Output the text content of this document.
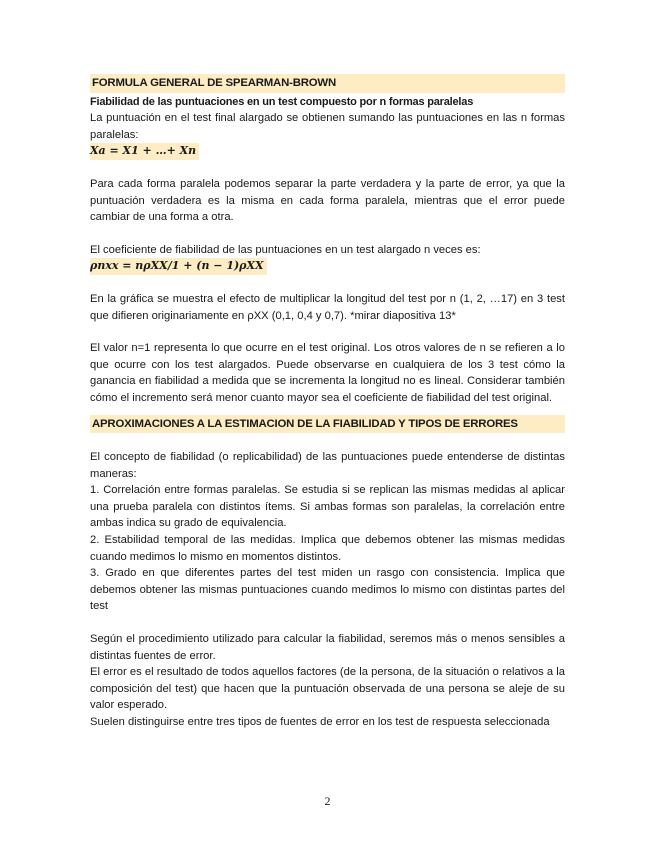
FORMULA GENERAL DE SPEARMAN-BROWN

Fiabilidad de las puntuaciones en un test compuesto por n formas paralelas

La puntuación en el test final alargado se obtienen sumando las puntuaciones en las n formas paralelas:

Xa = X1 + …+ Xn

Para cada forma paralela podemos separar la parte verdadera y la parte de error, ya que la puntuación verdadera es la misma en cada forma paralela, mientras que el error puede cambiar de una forma a otra.

El coeficiente de fiabilidad de las puntuaciones en un test alargado n veces es:

ρnxx = nρXX/1 + (n − 1)ρXX

En la gráfica se muestra el efecto de multiplicar la longitud del test por n (1, 2, …17) en 3 test que difieren originariamente en ρXX (0,1, 0,4 y 0,7). *mirar diapositiva 13*

El valor n=1 representa lo que ocurre en el test original. Los otros valores de n se refieren a lo que ocurre con los test alargados. Puede observarse en cualquiera de los 3 test cómo la ganancia en fiabilidad a medida que se incrementa la longitud no es lineal. Considerar también cómo el incremento será menor cuanto mayor sea el coeficiente de fiabilidad del test original.

APROXIMACIONES A LA ESTIMACION DE LA FIABILIDAD Y TIPOS DE ERRORES

El concepto de fiabilidad (o replicabilidad) de las puntuaciones puede entenderse de distintas maneras:

1. Correlación entre formas paralelas. Se estudia si se replican las mismas medidas al aplicar una prueba paralela con distintos ítems. Si ambas formas son paralelas, la correlación entre ambas indica su grado de equivalencia.

2. Estabilidad temporal de las medidas. Implica que debemos obtener las mismas medidas cuando medimos lo mismo en momentos distintos.

3. Grado en que diferentes partes del test miden un rasgo con consistencia. Implica que debemos obtener las mismas puntuaciones cuando medimos lo mismo con distintas partes del test

Según el procedimiento utilizado para calcular la fiabilidad, seremos más o menos sensibles a distintas fuentes de error.

El error es el resultado de todos aquellos factores (de la persona, de la situación o relativos a la composición del test) que hacen que la puntuación observada de una persona se aleje de su valor esperado.

Suelen distinguirse entre tres tipos de fuentes de error en los test de respuesta seleccionada

2
